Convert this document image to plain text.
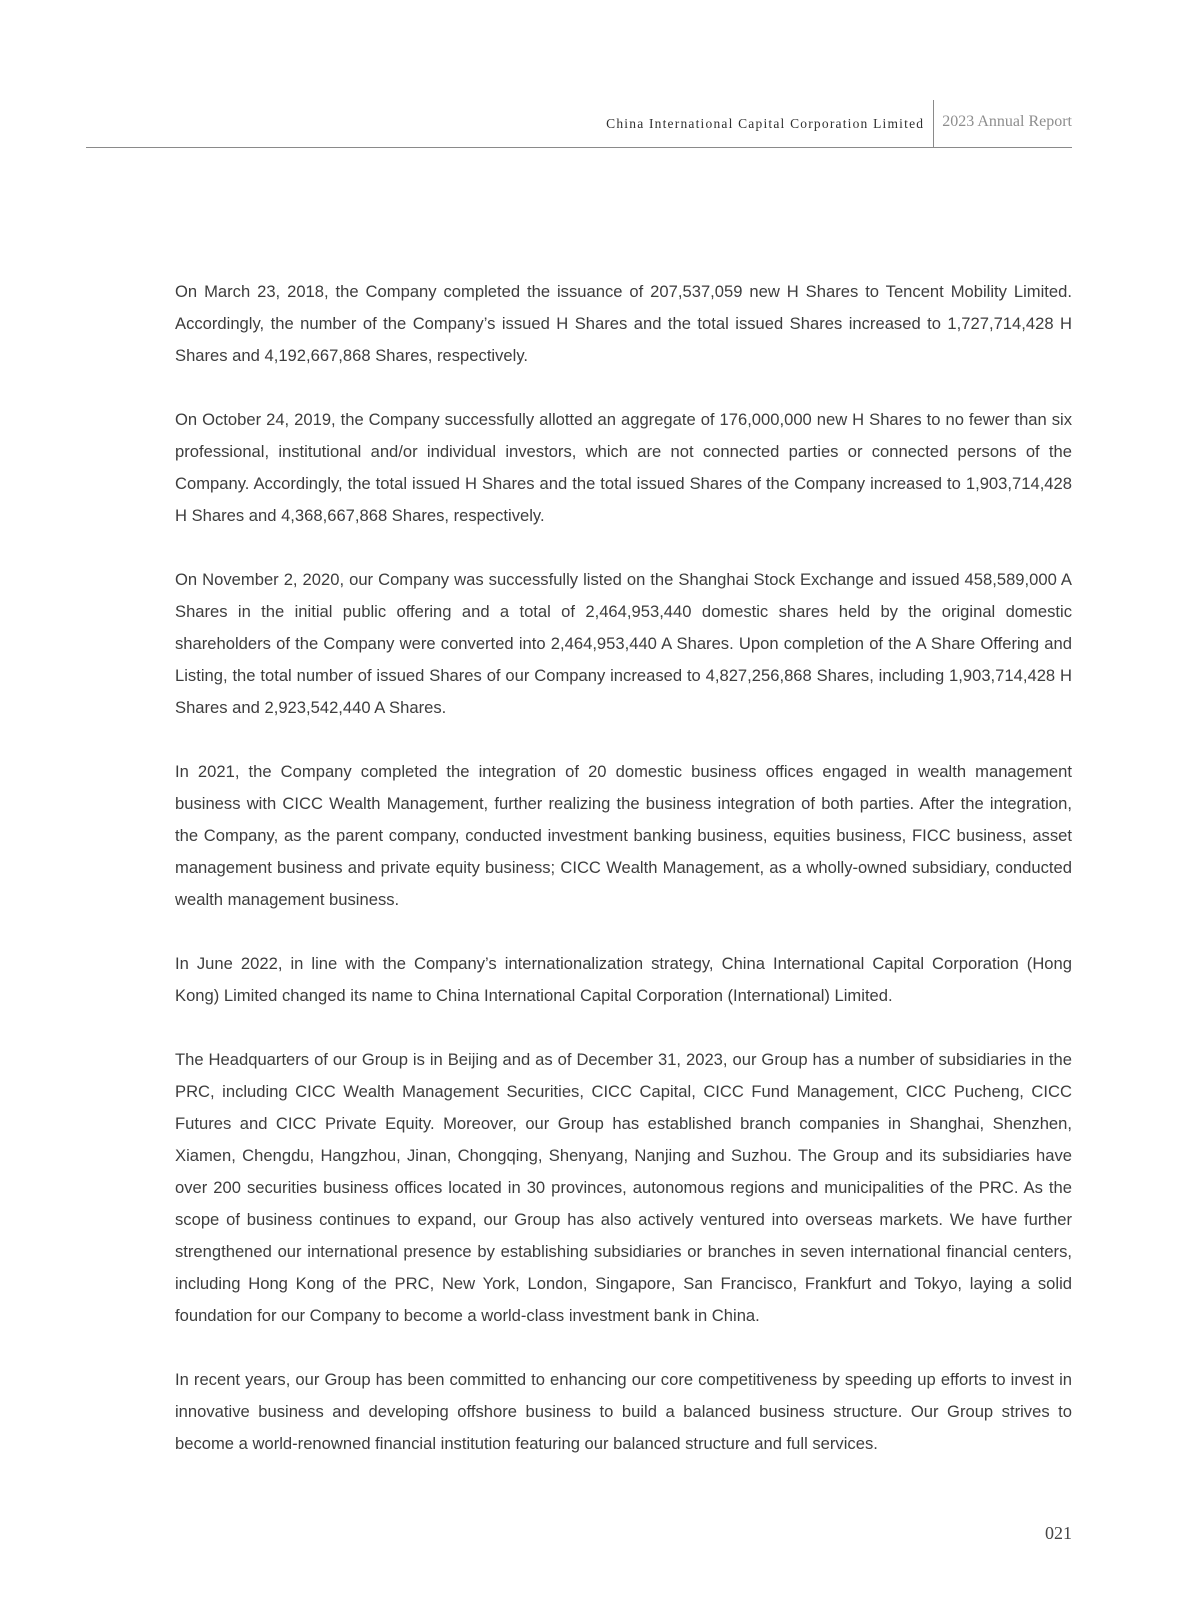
China International Capital Corporation Limited	2023 Annual Report

On March 23, 2018, the Company completed the issuance of 207,537,059 new H Shares to Tencent Mobility Limited. Accordingly, the number of the Company’s issued H Shares and the total issued Shares increased to 1,727,714,428 H Shares and 4,192,667,868 Shares, respectively.

On October 24, 2019, the Company successfully allotted an aggregate of 176,000,000 new H Shares to no fewer than six professional, institutional and/or individual investors, which are not connected parties or connected persons of the Company. Accordingly, the total issued H Shares and the total issued Shares of the Company increased to 1,903,714,428 H Shares and 4,368,667,868 Shares, respectively.

On November 2, 2020, our Company was successfully listed on the Shanghai Stock Exchange and issued 458,589,000 A Shares in the initial public offering and a total of 2,464,953,440 domestic shares held by the original domestic shareholders of the Company were converted into 2,464,953,440 A Shares. Upon completion of the A Share Offering and Listing, the total number of issued Shares of our Company increased to 4,827,256,868 Shares, including 1,903,714,428 H Shares and 2,923,542,440 A Shares.

In 2021, the Company completed the integration of 20 domestic business offices engaged in wealth management business with CICC Wealth Management, further realizing the business integration of both parties. After the integration, the Company, as the parent company, conducted investment banking business, equities business, FICC business, asset management business and private equity business; CICC Wealth Management, as a wholly-owned subsidiary, conducted wealth management business.

In June 2022, in line with the Company’s internationalization strategy, China International Capital Corporation (Hong Kong) Limited changed its name to China International Capital Corporation (International) Limited.

The Headquarters of our Group is in Beijing and as of December 31, 2023, our Group has a number of subsidiaries in the PRC, including CICC Wealth Management Securities, CICC Capital, CICC Fund Management, CICC Pucheng, CICC Futures and CICC Private Equity. Moreover, our Group has established branch companies in Shanghai, Shenzhen, Xiamen, Chengdu, Hangzhou, Jinan, Chongqing, Shenyang, Nanjing and Suzhou. The Group and its subsidiaries have over 200 securities business offices located in 30 provinces, autonomous regions and municipalities of the PRC. As the scope of business continues to expand, our Group has also actively ventured into overseas markets. We have further strengthened our international presence by establishing subsidiaries or branches in seven international financial centers, including Hong Kong of the PRC, New York, London, Singapore, San Francisco, Frankfurt and Tokyo, laying a solid foundation for our Company to become a world-class investment bank in China.

In recent years, our Group has been committed to enhancing our core competitiveness by speeding up efforts to invest in innovative business and developing offshore business to build a balanced business structure. Our Group strives to become a world-renowned financial institution featuring our balanced structure and full services.

021
